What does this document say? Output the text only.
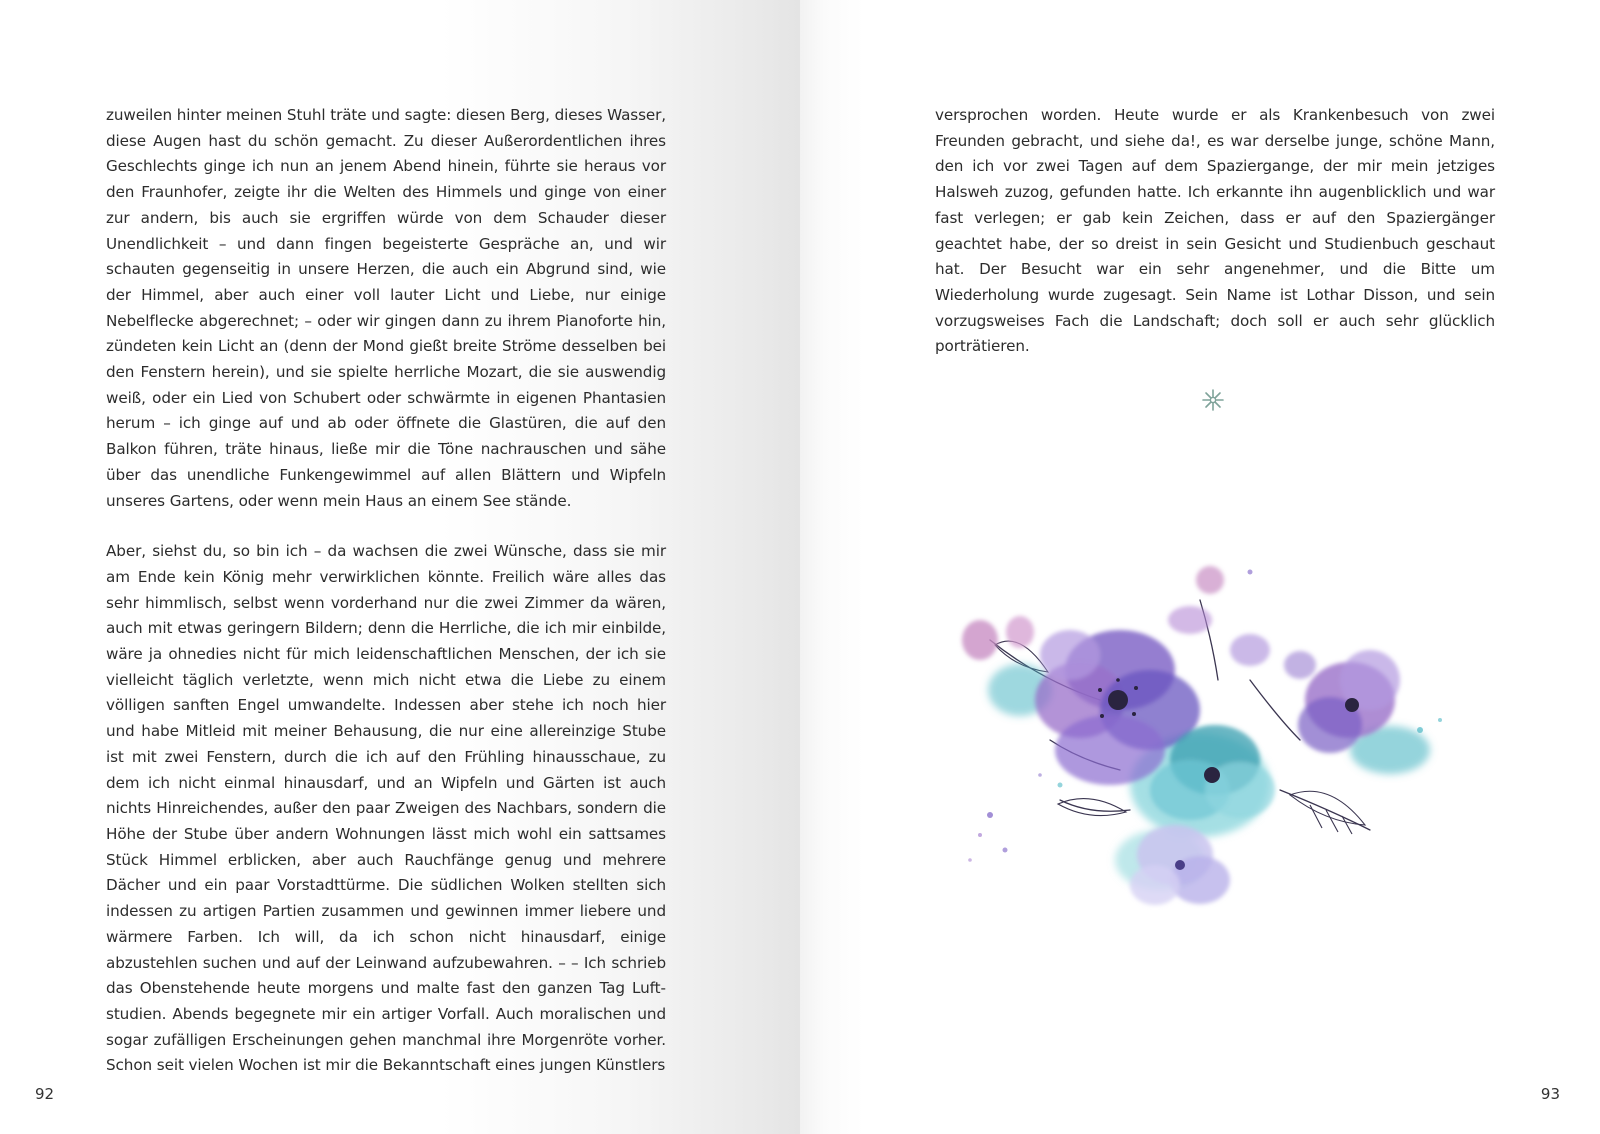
zuweilen hinter meinen Stuhl träte und sagte: diesen Berg, dieses Wasser, diese Augen hast du schön gemacht. Zu dieser Außerordentlichen ihres Geschlechts ginge ich nun an jenem Abend hinein, führte sie heraus vor den Fraunhofer, zeigte ihr die Welten des Himmels und ginge von einer zur andern, bis auch sie ergriffen würde von dem Schauder dieser Unendlichkeit – und dann fingen begeisterte Gespräche an, und wir schauten gegenseitig in unsere Herzen, die auch ein Abgrund sind, wie der Himmel, aber auch einer voll lauter Licht und Liebe, nur einige Nebelflecke abgerechnet; – oder wir gingen dann zu ihrem Pianoforte hin, zündeten kein Licht an (denn der Mond gießt breite Ströme desselben bei den Fenstern herein), und sie spielte herrliche Mozart, die sie auswendig weiß, oder ein Lied von Schubert oder schwärmte in eigenen Phantasien herum – ich ginge auf und ab oder öffnete die Glastüren, die auf den Balkon führen, träte hinaus, ließe mir die Töne nachrauschen und sähe über das unendliche Funkengewimmel auf allen Blättern und Wipfeln unseres Gartens, oder wenn mein Haus an einem See stände.

Aber, siehst du, so bin ich – da wachsen die zwei Wünsche, dass sie mir am Ende kein König mehr verwirklichen könnte. Freilich wäre alles das sehr himmlisch, selbst wenn vorderhand nur die zwei Zimmer da wären, auch mit etwas geringern Bildern; denn die Herrliche, die ich mir einbilde, wäre ja ohnedies nicht für mich leidenschaftlichen Menschen, der ich sie vielleicht täglich verletzte, wenn mich nicht etwa die Liebe zu einem völligen sanften Engel umwandelte. Indessen aber stehe ich noch hier und habe Mitleid mit meiner Behausung, die nur eine allereinzige Stube ist mit zwei Fenstern, durch die ich auf den Frühling hinausschaue, zu dem ich nicht einmal hinausdarf, und an Wipfeln und Gärten ist auch nichts Hinreichendes, außer den paar Zweigen des Nachbars, sondern die Höhe der Stube über andern Wohnungen lässt mich wohl ein sattsames Stück Himmel erblicken, aber auch Rauchfänge genug und mehrere Dächer und ein paar Vorstadttürme. Die südlichen Wolken stellten sich indessen zu artigen Partien zusammen und gewinnen immer liebere und wärmere Farben. Ich will, da ich schon nicht hinausdarf, einige abzustehlen suchen und auf der Leinwand aufzubewahren. – – Ich schrieb das Obenstehende heute morgens und malte fast den ganzen Tag Luftstudien. Abends begegnete mir ein artiger Vorfall. Auch moralischen und sogar zufälligen Erscheinungen gehen manchmal ihre Morgenröte vorher. Schon seit vielen Wochen ist mir die Bekanntschaft eines jungen Künstlers

92	93

versprochen worden. Heute wurde er als Krankenbesuch von zwei Freunden gebracht, und siehe da!, es war derselbe junge, schöne Mann, den ich vor zwei Tagen auf dem Spaziergange, der mir mein jetziges Halsweh zuzog, gefunden hatte. Ich erkannte ihn augenblicklich und war fast verlegen; er gab kein Zeichen, dass er auf den Spaziergänger geachtet habe, der so dreist in sein Gesicht und Studienbuch geschaut hat. Der Besucht war ein sehr angenehmer, und die Bitte um Wiederholung wurde zugesagt. Sein Name ist Lothar Disson, und sein vorzugsweises Fach die Landschaft; doch soll er auch sehr glücklich porträtieren.
